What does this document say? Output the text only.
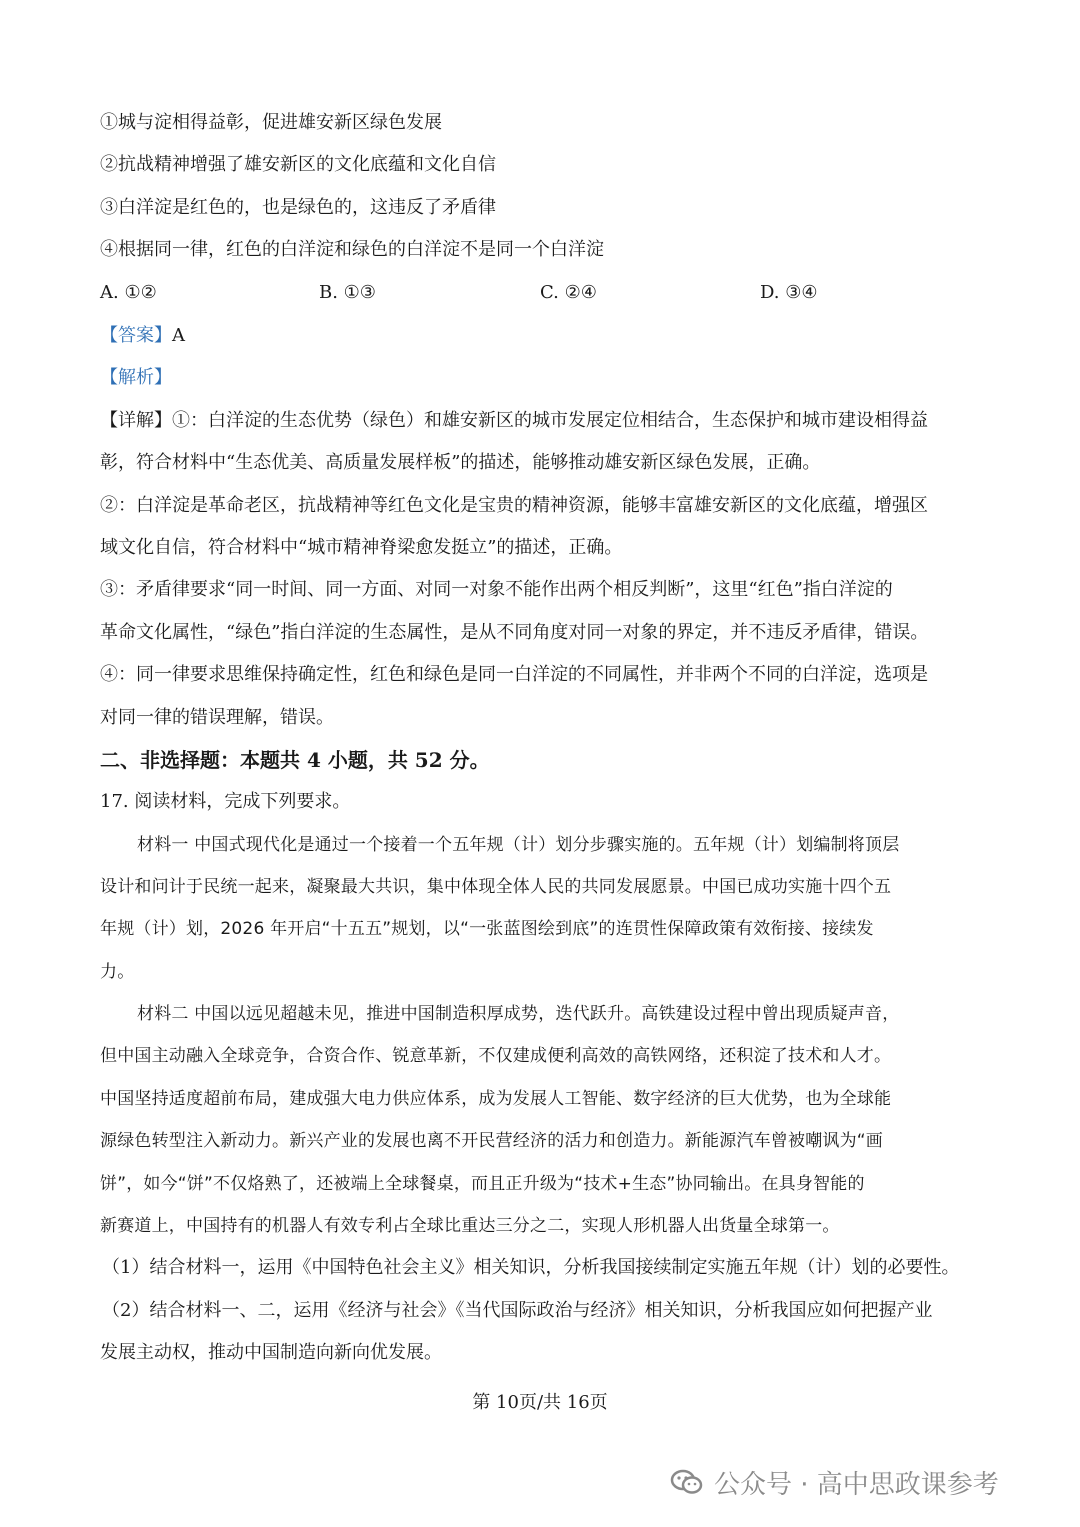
①城与淀相得益彰，促进雄安新区绿色发展
②抗战精神增强了雄安新区的文化底蕴和文化自信
③白洋淀是红色的，也是绿色的，这违反了矛盾律
④根据同一律，红色的白洋淀和绿色的白洋淀不是同一个白洋淀
A. ①②	B. ①③	C. ②④	D. ③④
【答案】A
【解析】
【详解】①：白洋淀的生态优势（绿色）和雄安新区的城市发展定位相结合，生态保护和城市建设相得益
彰，符合材料中“生态优美、高质量发展样板”的描述，能够推动雄安新区绿色发展，正确。
②：白洋淀是革命老区，抗战精神等红色文化是宝贵的精神资源，能够丰富雄安新区的文化底蕴，增强区
域文化自信，符合材料中“城市精神脊梁愈发挺立”的描述，正确。
③：矛盾律要求“同一时间、同一方面、对同一对象不能作出两个相反判断”，这里“红色”指白洋淀的
革命文化属性，“绿色”指白洋淀的生态属性，是从不同角度对同一对象的界定，并不违反矛盾律，错误。
④：同一律要求思维保持确定性，红色和绿色是同一白洋淀的不同属性，并非两个不同的白洋淀，选项是
对同一律的错误理解，错误。
二、非选择题：本题共 4 小题，共 52 分。
17. 阅读材料，完成下列要求。
材料一 中国式现代化是通过一个接着一个五年规（计）划分步骤实施的。五年规（计）划编制将顶层
设计和问计于民统一起来，凝聚最大共识，集中体现全体人民的共同发展愿景。中国已成功实施十四个五
年规（计）划，2026 年开启“十五五”规划，以“一张蓝图绘到底”的连贯性保障政策有效衔接、接续发
力。
材料二 中国以远见超越未见，推进中国制造积厚成势，迭代跃升。高铁建设过程中曾出现质疑声音，
但中国主动融入全球竞争，合资合作、锐意革新，不仅建成便利高效的高铁网络，还积淀了技术和人才。
中国坚持适度超前布局，建成强大电力供应体系，成为发展人工智能、数字经济的巨大优势，也为全球能
源绿色转型注入新动力。新兴产业的发展也离不开民营经济的活力和创造力。新能源汽车曾被嘲讽为“画
饼”，如今“饼”不仅烙熟了，还被端上全球餐桌，而且正升级为“技术+生态”协同输出。在具身智能的
新赛道上，中国持有的机器人有效专利占全球比重达三分之二，实现人形机器人出货量全球第一。
（1）结合材料一，运用《中国特色社会主义》相关知识，分析我国接续制定实施五年规（计）划的必要性。
（2）结合材料一、二，运用《经济与社会》《当代国际政治与经济》相关知识，分析我国应如何把握产业
发展主动权，推动中国制造向新向优发展。
第 10页/共 16页
公众号 · 高中思政课参考
